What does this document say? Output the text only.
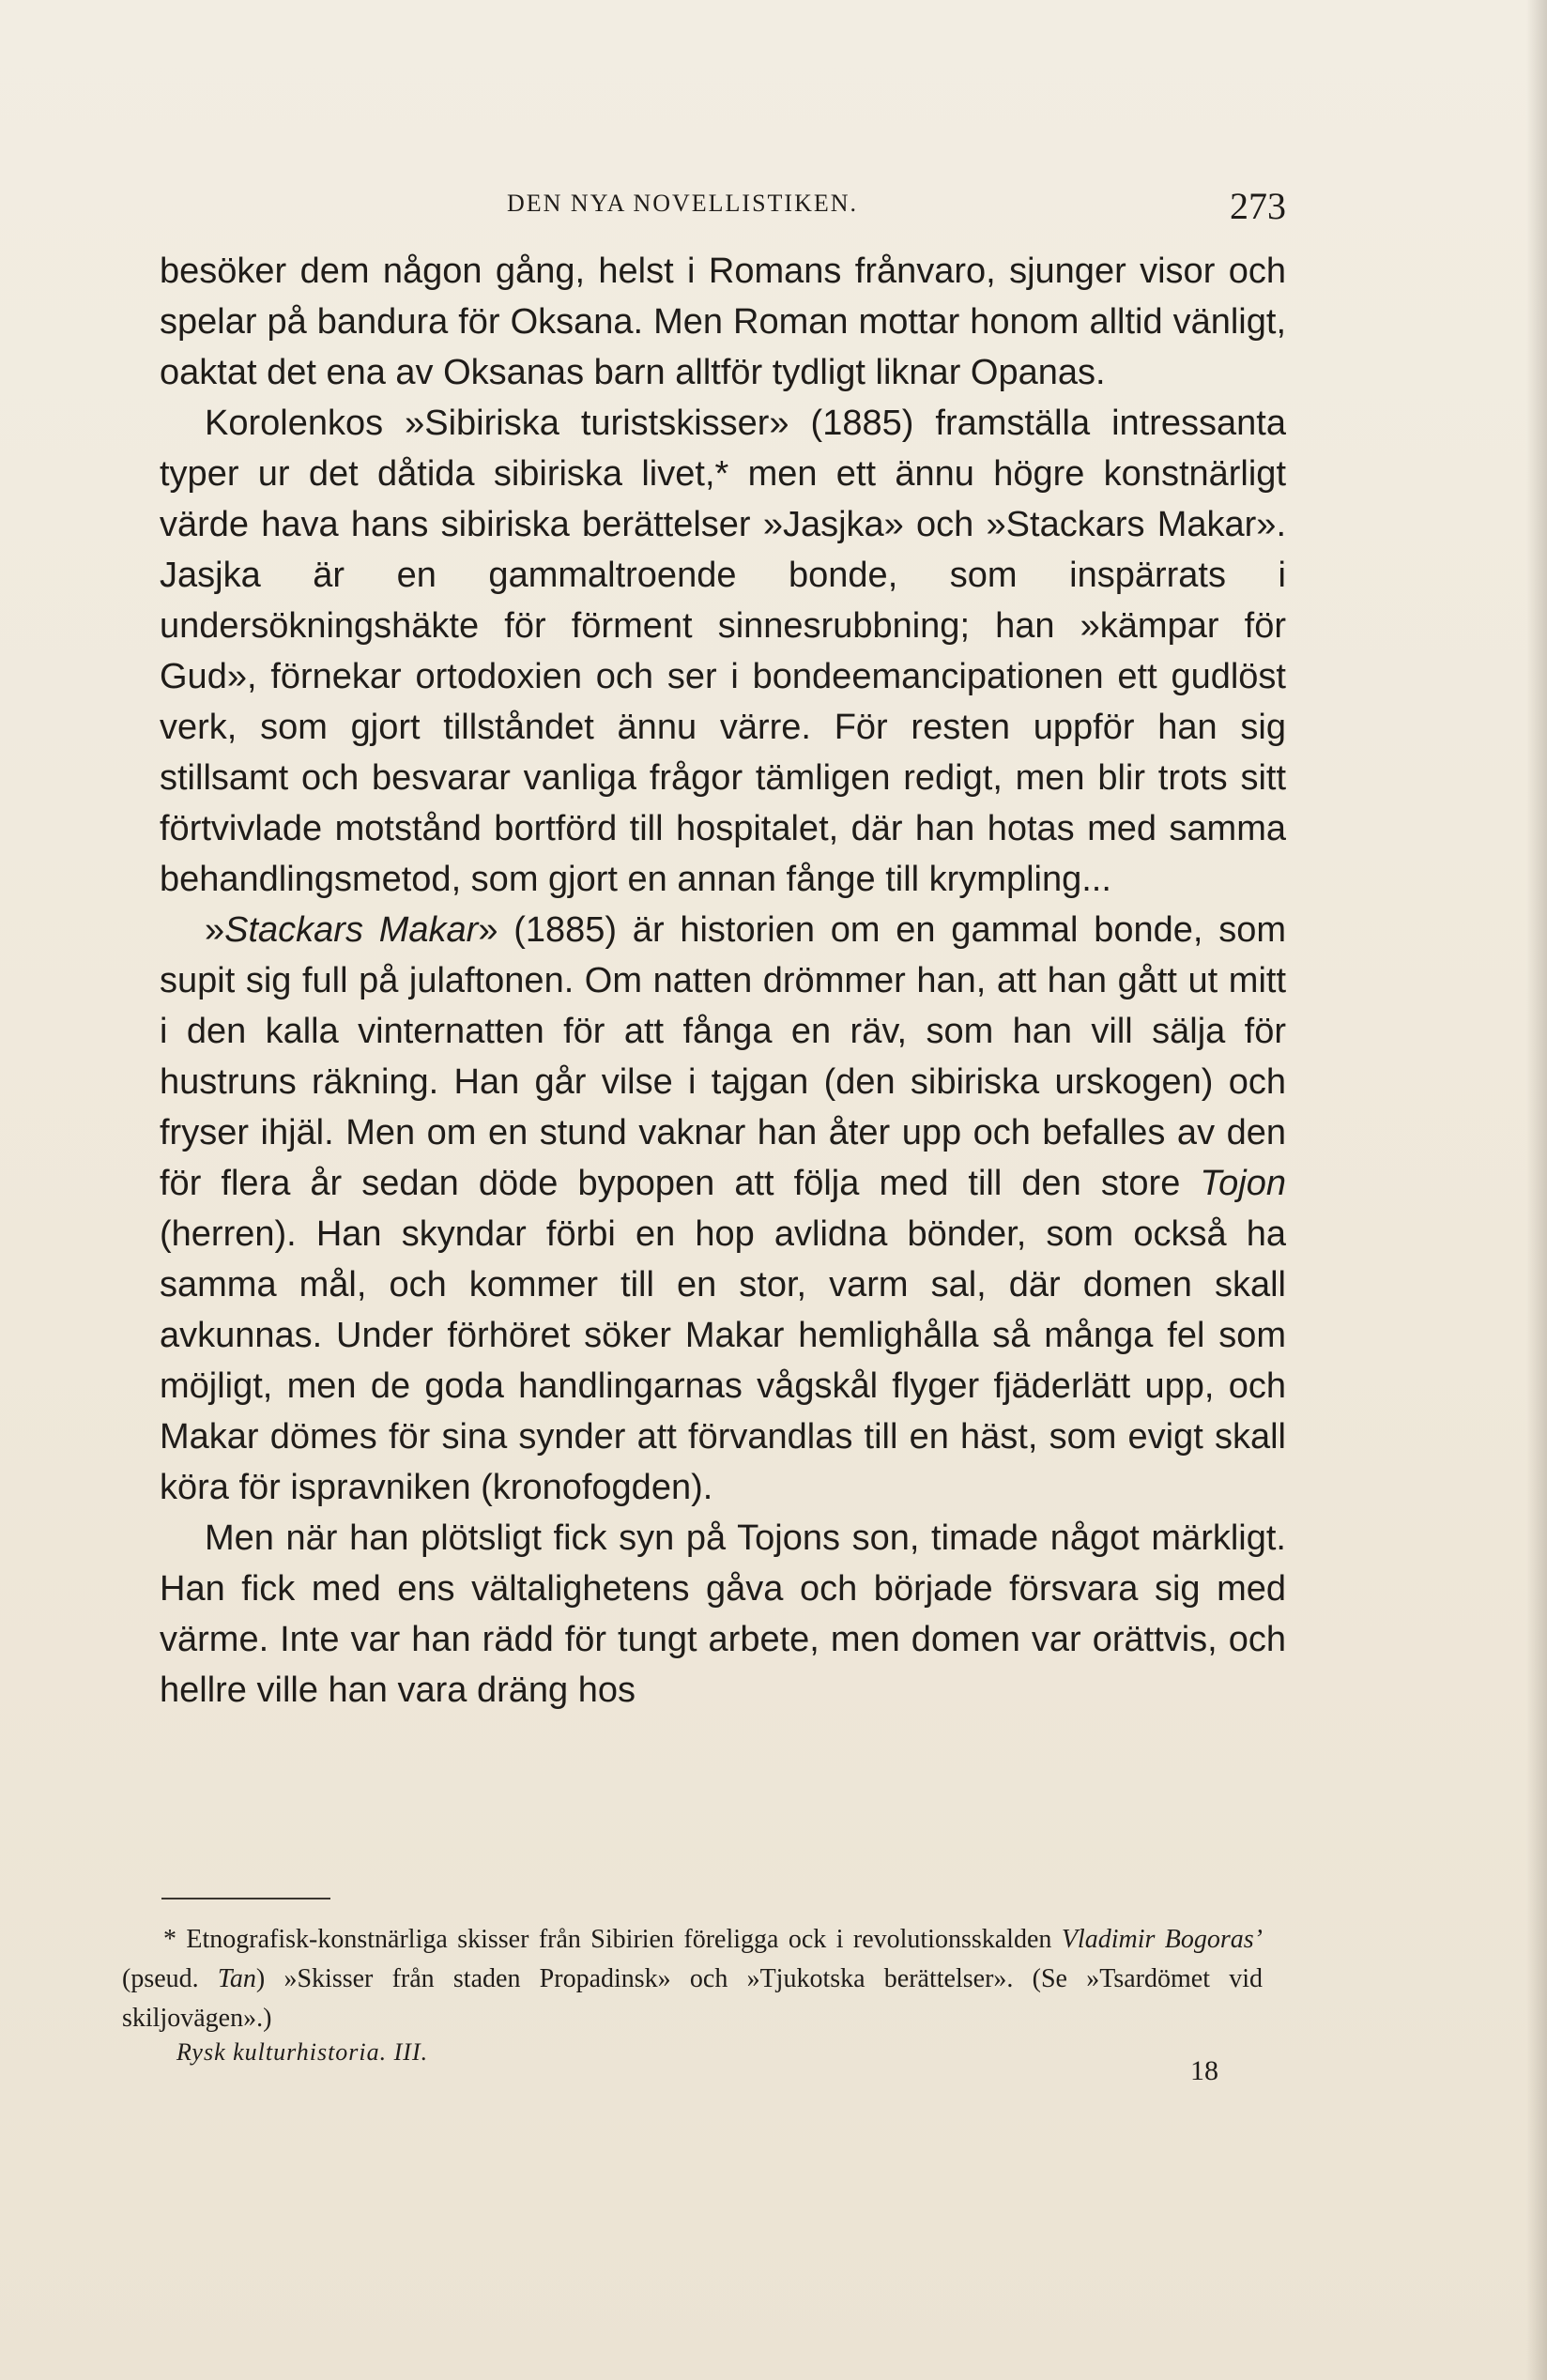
DEN NYA NOVELLISTIKEN.	273

besöker dem någon gång, helst i Romans frånvaro, sjunger visor och spelar på bandura för Oksana. Men Roman mottar honom alltid vänligt, oaktat det ena av Oksanas barn alltför tydligt liknar Opanas.

Korolenkos »Sibiriska turistskisser» (1885) framställa intressanta typer ur det dåtida sibiriska livet,* men ett ännu högre konstnärligt värde hava hans sibiriska berättelser »Jasjka» och »Stackars Makar». Jasjka är en gammaltroende bonde, som inspärrats i undersökningshäkte för förment sinnesrubbning; han »kämpar för Gud», förnekar ortodoxien och ser i bondeemancipationen ett gudlöst verk, som gjort tillståndet ännu värre. För resten uppför han sig stillsamt och besvarar vanliga frågor tämligen redigt, men blir trots sitt förtvivlade motstånd bortförd till hospitalet, där han hotas med samma behandlingsmetod, som gjort en annan fånge till krympling...

»Stackars Makar» (1885) är historien om en gammal bonde, som supit sig full på julaftonen. Om natten drömmer han, att han gått ut mitt i den kalla vinternatten för att fånga en räv, som han vill sälja för hustruns räkning. Han går vilse i tajgan (den sibiriska urskogen) och fryser ihjäl. Men om en stund vaknar han åter upp och befalles av den för flera år sedan döde bypopen att följa med till den store Tojon (herren). Han skyndar förbi en hop avlidna bönder, som också ha samma mål, och kommer till en stor, varm sal, där domen skall avkunnas. Under förhöret söker Makar hemlighålla så många fel som möjligt, men de goda handlingarnas vågskål flyger fjäderlätt upp, och Makar dömes för sina synder att förvandlas till en häst, som evigt skall köra för ispravniken (kronofogden).

Men när han plötsligt fick syn på Tojons son, timade något märkligt. Han fick med ens vältalighetens gåva och började försvara sig med värme. Inte var han rädd för tungt arbete, men domen var orättvis, och hellre ville han vara dräng hos

* Etnografisk-konstnärliga skisser från Sibirien föreligga ock i revolutionsskalden Vladimir Bogoras’ (pseud. Tan) »Skisser från staden Propadinsk» och »Tjukotska berättelser». (Se »Tsardömet vid skiljovägen».)

Rysk kulturhistoria. III.
18
